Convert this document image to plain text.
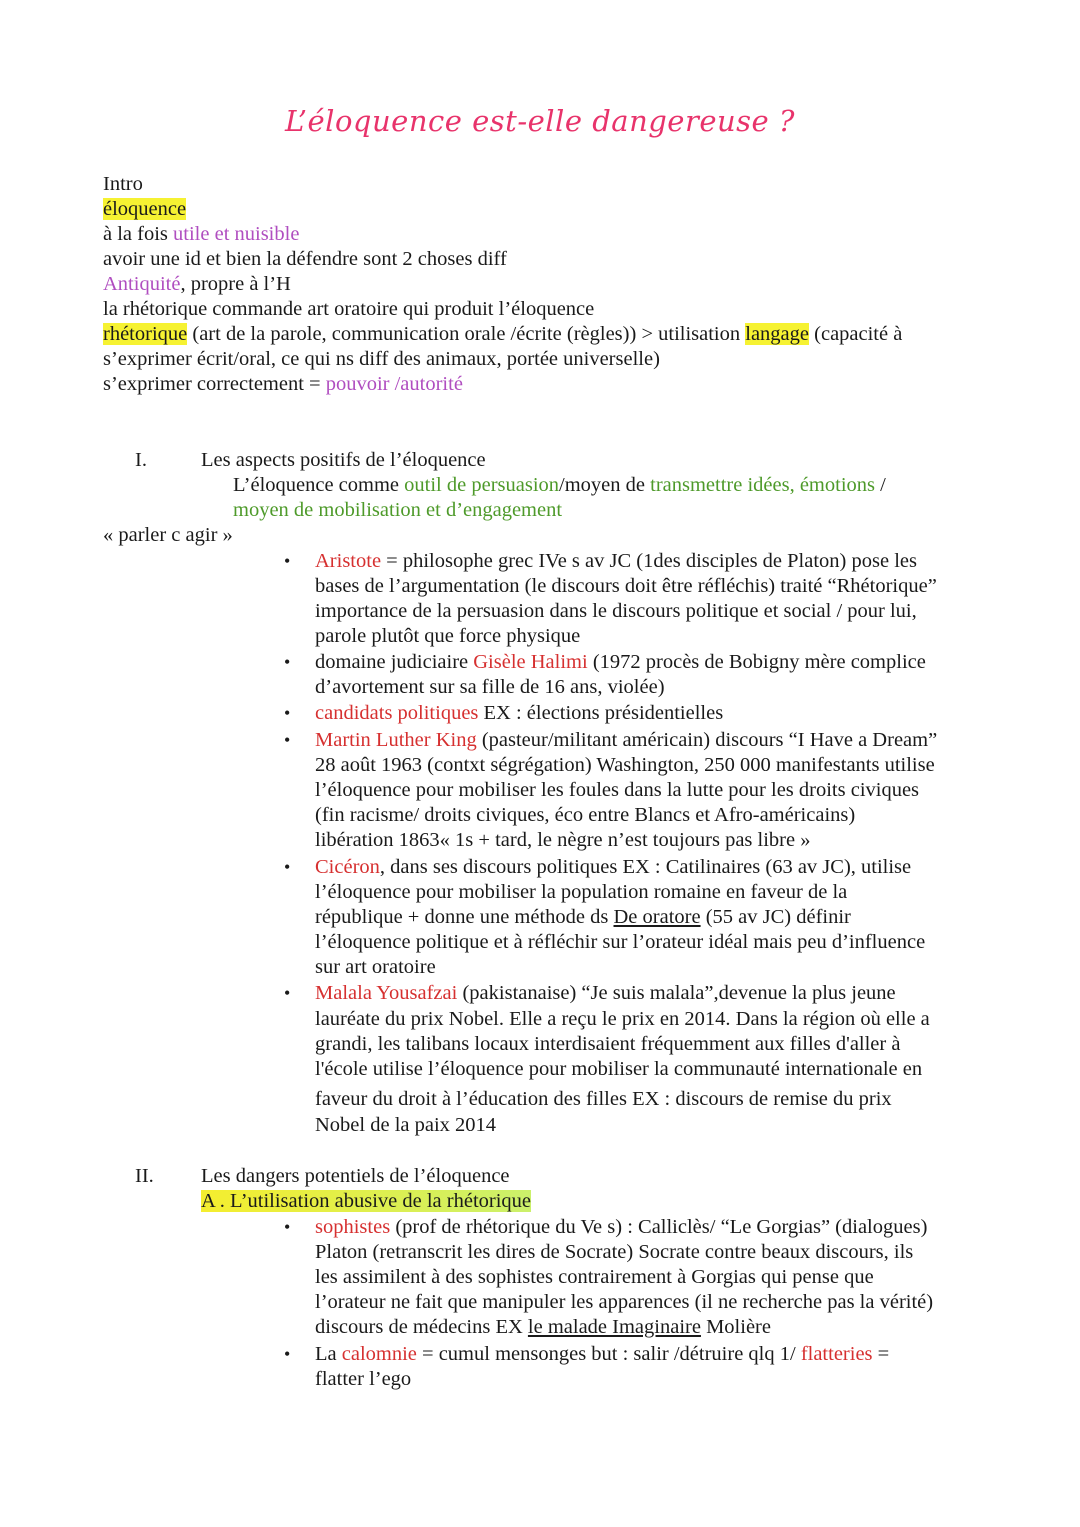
L’éloquence est-elle dangereuse ?
Intro
éloquence
à la fois utile et nuisible
avoir une id et bien la défendre sont 2 choses diff
Antiquité, propre à l’H
la rhétorique commande art oratoire qui produit l’éloquence
rhétorique (art de la parole, communication orale /écrite (règles)) > utilisation langage (capacité à
s’exprimer écrit/oral, ce qui ns diff des animaux, portée universelle)
s’exprimer correctement = pouvoir /autorité
I.	Les aspects positifs de l’éloquence
L’éloquence comme outil de persuasion/moyen de transmettre idées, émotions /
moyen de mobilisation et d’engagement
« parler c agir »
• Aristote = philosophe grec IVe s av JC (1des disciples de Platon) pose les
bases de l’argumentation (le discours doit être réfléchis) traité “Rhétorique”
importance de la persuasion dans le discours politique et social / pour lui,
parole plutôt que force physique
• domaine judiciaire Gisèle Halimi (1972 procès de Bobigny mère complice
d’avortement sur sa fille de 16 ans, violée)
• candidats politiques EX : élections présidentielles
• Martin Luther King (pasteur/militant américain) discours “I Have a Dream”
28 août 1963 (contxt ségrégation) Washington, 250 000 manifestants utilise
l’éloquence pour mobiliser les foules dans la lutte pour les droits civiques
(fin racisme/ droits civiques, éco entre Blancs et Afro-américains)
libération 1863« 1s + tard, le nègre n’est toujours pas libre »
• Cicéron, dans ses discours politiques EX : Catilinaires (63 av JC), utilise
l’éloquence pour mobiliser la population romaine en faveur de la
république + donne une méthode ds De oratore (55 av JC) définir
l’éloquence politique et à réfléchir sur l’orateur idéal mais peu d’influence
sur art oratoire
• Malala Yousafzai (pakistanaise) “Je suis malala”,devenue la plus jeune
lauréate du prix Nobel. Elle a reçu le prix en 2014. Dans la région où elle a
grandi, les talibans locaux interdisaient fréquemment aux filles d'aller à
l'école utilise l’éloquence pour mobiliser la communauté internationale en
faveur du droit à l’éducation des filles EX : discours de remise du prix
Nobel de la paix 2014
II. Les dangers potentiels de l’éloquence
A . L’utilisation abusive de la rhétorique
• sophistes (prof de rhétorique du Ve s) : Calliclès/ “Le Gorgias” (dialogues)
Platon (retranscrit les dires de Socrate) Socrate contre beaux discours, ils
les assimilent à des sophistes contrairement à Gorgias qui pense que
l’orateur ne fait que manipuler les apparences (il ne recherche pas la vérité)
discours de médecins EX le malade Imaginaire Molière
• La calomnie = cumul mensonges but : salir /détruire qlq 1/ flatteries =
flatter l’ego
